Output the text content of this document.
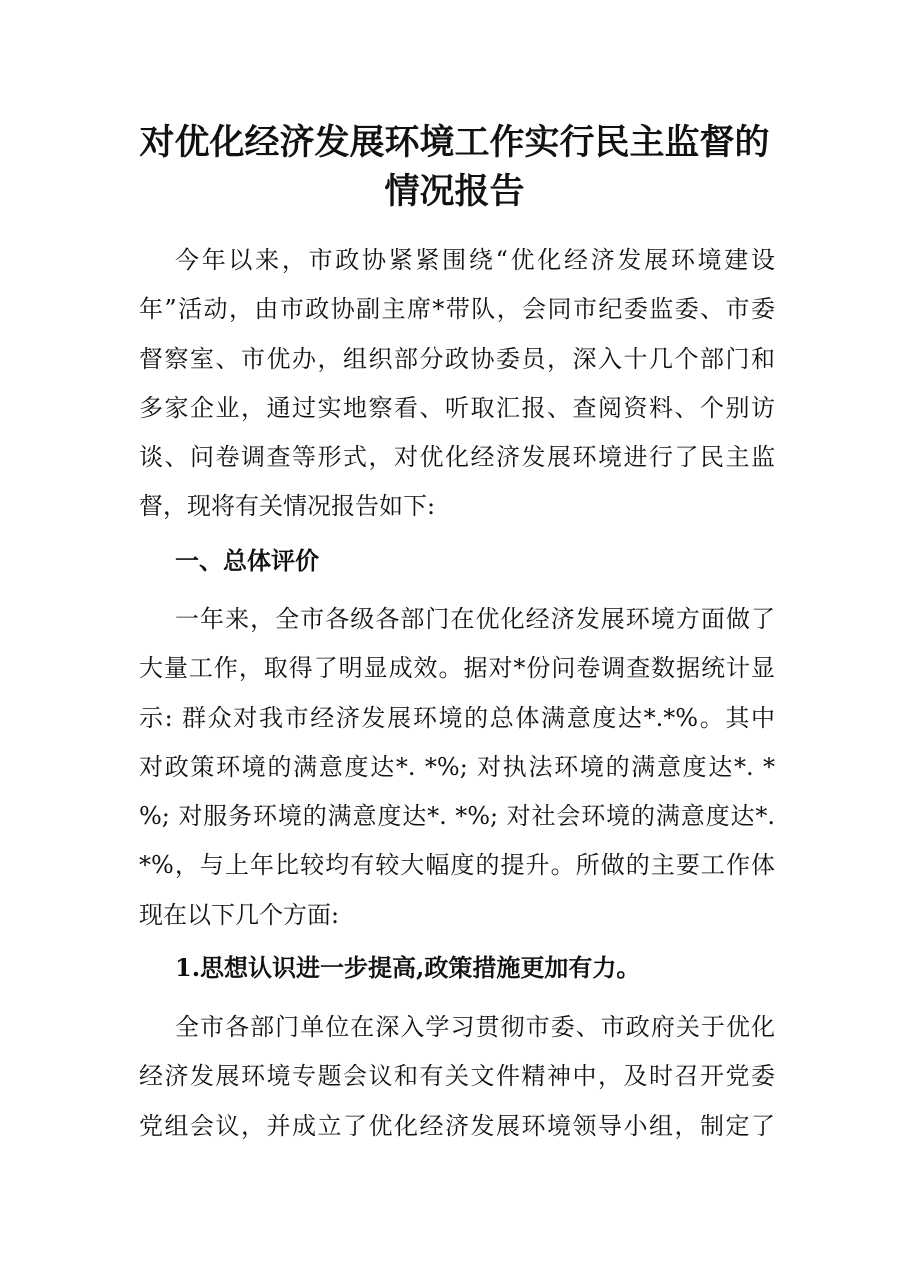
对优化经济发展环境工作实行民主监督的
情况报告
今年以来，市政协紧紧围绕“优化经济发展环境建设
年”活动，由市政协副主席*带队，会同市纪委监委、市委
督察室、市优办，组织部分政协委员，深入十几个部门和
多家企业，通过实地察看、听取汇报、查阅资料、个别访
谈、问卷调查等形式，对优化经济发展环境进行了民主监
督，现将有关情况报告如下:
一、总体评价
一年来，全市各级各部门在优化经济发展环境方面做了
大量工作，取得了明显成效。据对*份问卷调查数据统计显
示: 群众对我市经济发展环境的总体满意度达*.*%。其中
对政策环境的满意度达*. *%; 对执法环境的满意度达*. *
%; 对服务环境的满意度达*. *%; 对社会环境的满意度达*.
*%，与上年比较均有较大幅度的提升。所做的主要工作体
现在以下几个方面:
1.思想认识进一步提高,政策措施更加有力。
全市各部门单位在深入学习贯彻市委、市政府关于优化
经济发展环境专题会议和有关文件精神中，及时召开党委
党组会议，并成立了优化经济发展环境领导小组，制定了
